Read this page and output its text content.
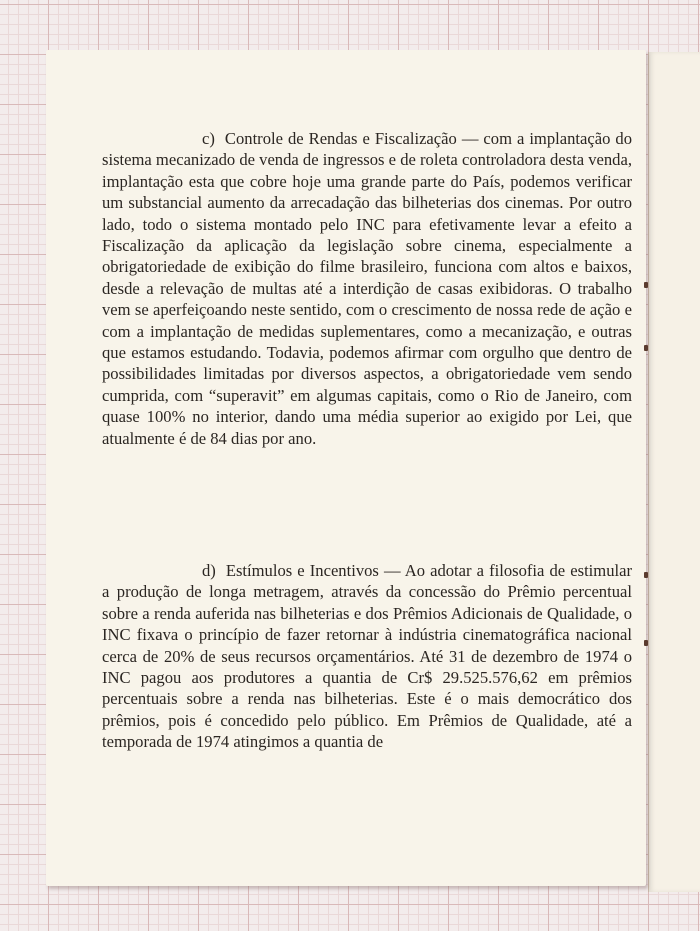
c) Controle de Rendas e Fiscalização — com a implantação do sistema mecanizado de venda de ingressos e de roleta controladora desta venda, implantação esta que cobre hoje uma grande parte do País, podemos verificar um substancial aumento da arrecadação das bilheterias dos cinemas. Por outro lado, todo o sistema montado pelo INC para efetivamente levar a efeito a Fiscalização da aplicação da legislação sobre cinema, especialmente a obrigatoriedade de exibição do filme brasileiro, funciona com altos e baixos, desde a relevação de multas até a interdição de casas exibidoras. O trabalho vem se aperfeiçoando neste sentido, com o crescimento de nossa rede de ação e com a implantação de medidas suplementares, como a mecanização, e outras que estamos estudando. Todavia, podemos afirmar com orgulho que dentro de possibilidades limitadas por diversos aspectos, a obrigatoriedade vem sendo cumprida, com “superavit” em algumas capitais, como o Rio de Janeiro, com quase 100% no interior, dando uma média superior ao exigido por Lei, que atualmente é de 84 dias por ano.

d) Estímulos e Incentivos — Ao adotar a filosofia de estimular a produção de longa metragem, através da concessão do Prêmio percentual sobre a renda auferida nas bilheterias e dos Prêmios Adicionais de Qualidade, o INC fixava o princípio de fazer retornar à indústria cinematográfica nacional cerca de 20% de seus recursos orçamentários. Até 31 de dezembro de 1974 o INC pagou aos produtores a quantia de Cr$ 29.525.576,62 em prêmios percentuais sobre a renda nas bilheterias. Este é o mais democrático dos prêmios, pois é concedido pelo público. Em Prêmios de Qualidade, até a temporada de 1974 atingimos a quantia de
